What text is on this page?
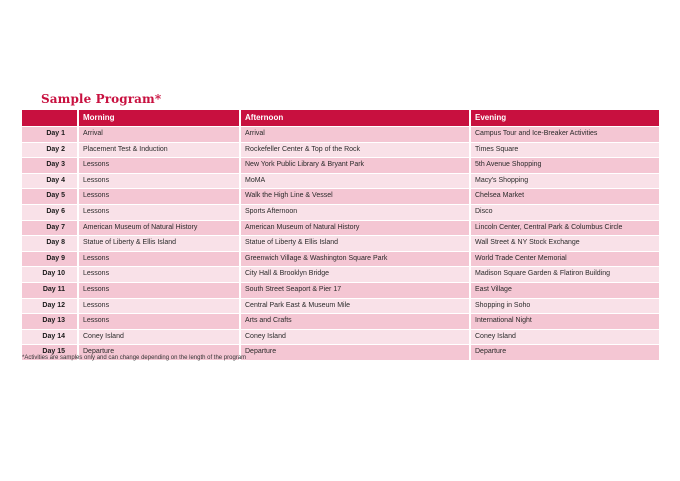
Sample Program*
	Morning	Afternoon	Evening
Day 1	Arrival	Arrival	Campus Tour and Ice-Breaker Activities
Day 2	Placement Test & Induction	Rockefeller Center & Top of the Rock	Times Square
Day 3	Lessons	New York Public Library & Bryant Park	5th Avenue Shopping
Day 4	Lessons	MoMA	Macy's Shopping
Day 5	Lessons	Walk the High Line & Vessel	Chelsea Market
Day 6	Lessons	Sports Afternoon	Disco
Day 7	American Museum of Natural History	American Museum of Natural History	Lincoln Center, Central Park & Columbus Circle
Day 8	Statue of Liberty & Ellis Island	Statue of Liberty & Ellis Island	Wall Street & NY Stock Exchange
Day 9	Lessons	Greenwich Village & Washington Square Park	World Trade Center Memorial
Day 10	Lessons	City Hall & Brooklyn Bridge	Madison Square Garden & Flatiron Building
Day 11	Lessons	South Street Seaport & Pier 17	East Village
Day 12	Lessons	Central Park East & Museum Mile	Shopping in Soho
Day 13	Lessons	Arts and Crafts	International Night
Day 14	Coney Island	Coney Island	Coney Island
Day 15	Departure	Departure	Departure
*Activities are samples only and can change depending on the length of the program
